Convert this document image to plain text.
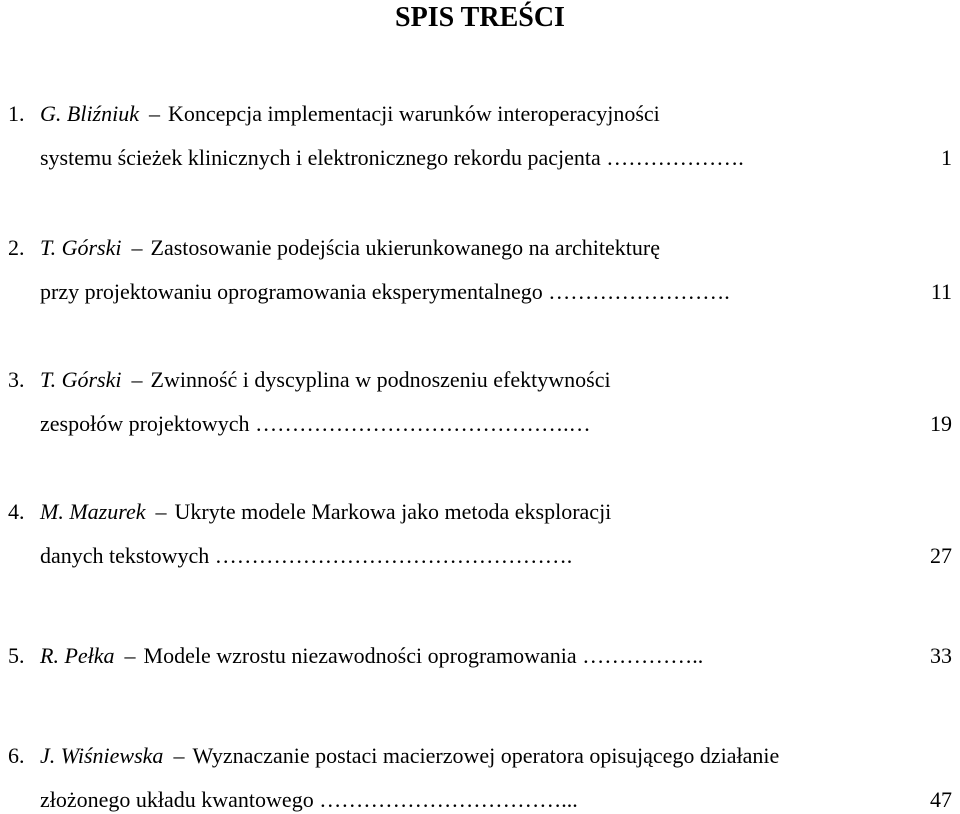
SPIS TREŚCI
1. G. Bliźniuk – Koncepcja implementacji warunków interoperacyjności
systemu ścieżek klinicznych i elektronicznego rekordu pacjenta ……………….	1
2. T. Górski – Zastosowanie podejścia ukierunkowanego na architekturę
przy projektowaniu oprogramowania eksperymentalnego …………………….	11
3. T. Górski – Zwinność i dyscyplina w podnoszeniu efektywności
zespołów projektowych …………………………………….…	19
4. M. Mazurek – Ukryte modele Markowa jako metoda eksploracji
danych tekstowych ………………………………………….	27
5. R. Pełka – Modele wzrostu niezawodności oprogramowania ……………..	33
6. J. Wiśniewska – Wyznaczanie postaci macierzowej operatora opisującego działanie
złożonego układu kwantowego ……………………………...	47
